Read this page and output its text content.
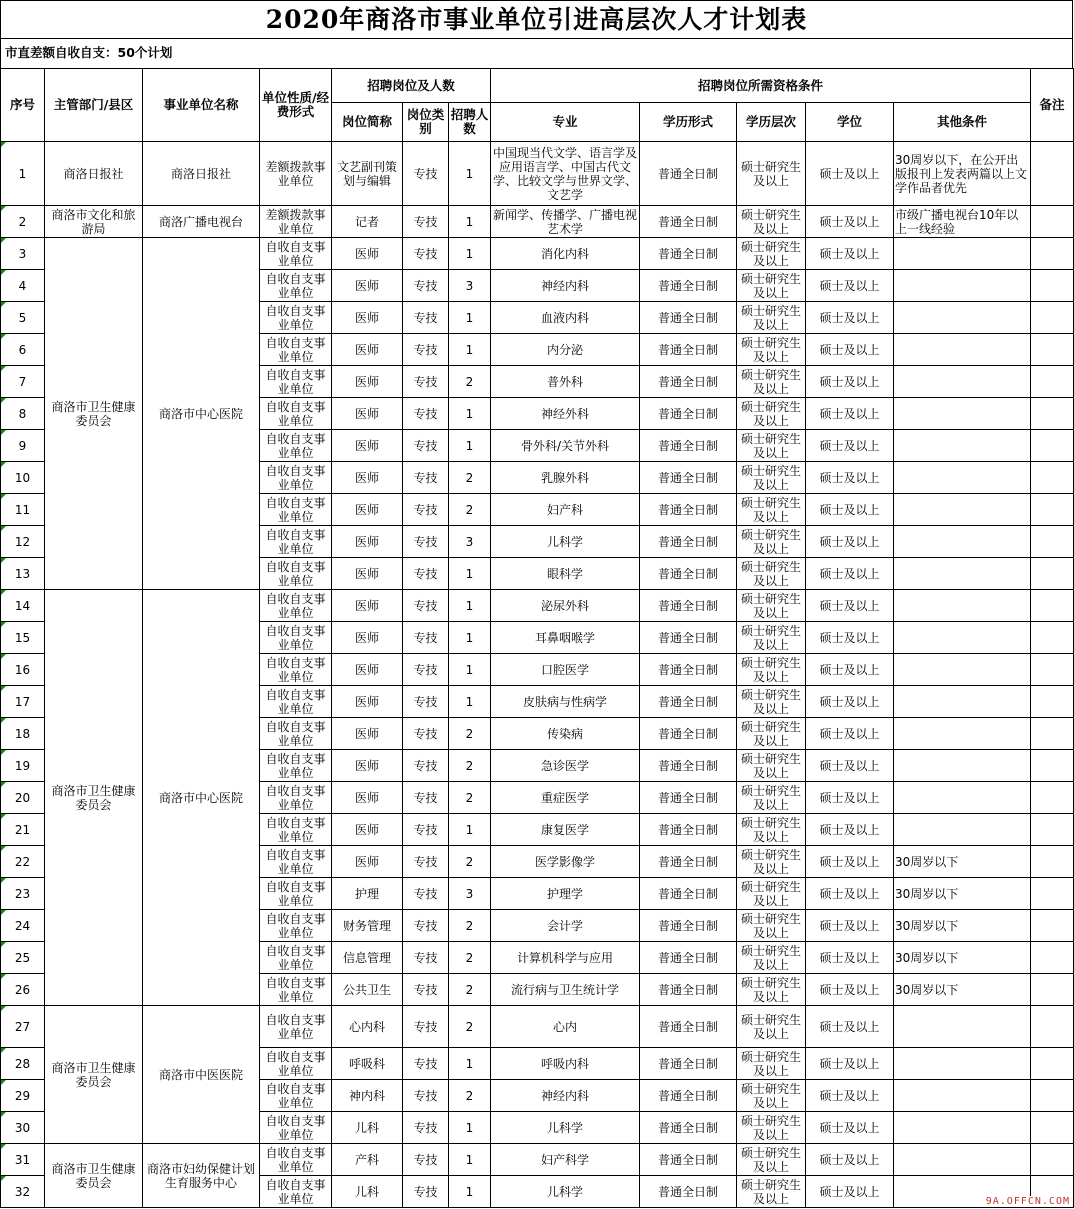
2020年商洛市事业单位引进高层次人才计划表
市直差额自收自支：50个计划
序号	主管部门/县区	事业单位名称	单位性质/经费形式	招聘岗位及人数			招聘岗位所需资格条件					备注
				岗位简称	岗位类别	招聘人数	专业	学历形式	学历层次	学位	其他条件	
1	商洛日报社	商洛日报社	差额拨款事业单位	文艺副刊策划与编辑	专技	1	中国现当代文学、语言学及应用语言学、中国古代文学、比较文学与世界文学、文艺学	普通全日制	硕士研究生及以上	硕士及以上	30周岁以下，在公开出版报刊上发表两篇以上文学作品者优先	
2	商洛市文化和旅游局	商洛广播电视台	差额拨款事业单位	记者	专技	1	新闻学、传播学、广播电视艺术学	普通全日制	硕士研究生及以上	硕士及以上	市级广播电视台10年以上一线经验	
3	商洛市卫生健康委员会	商洛市中心医院	自收自支事业单位	医师	专技	1	消化内科	普通全日制	硕士研究生及以上	硕士及以上		
4			自收自支事业单位	医师	专技	3	神经内科	普通全日制	硕士研究生及以上	硕士及以上		
5			自收自支事业单位	医师	专技	1	血液内科	普通全日制	硕士研究生及以上	硕士及以上		
6			自收自支事业单位	医师	专技	1	内分泌	普通全日制	硕士研究生及以上	硕士及以上		
7			自收自支事业单位	医师	专技	2	普外科	普通全日制	硕士研究生及以上	硕士及以上		
8			自收自支事业单位	医师	专技	1	神经外科	普通全日制	硕士研究生及以上	硕士及以上		
9			自收自支事业单位	医师	专技	1	骨外科/关节外科	普通全日制	硕士研究生及以上	硕士及以上		
10			自收自支事业单位	医师	专技	2	乳腺外科	普通全日制	硕士研究生及以上	硕士及以上		
11			自收自支事业单位	医师	专技	2	妇产科	普通全日制	硕士研究生及以上	硕士及以上		
12			自收自支事业单位	医师	专技	3	儿科学	普通全日制	硕士研究生及以上	硕士及以上		
13			自收自支事业单位	医师	专技	1	眼科学	普通全日制	硕士研究生及以上	硕士及以上		
14	商洛市卫生健康委员会	商洛市中心医院	自收自支事业单位	医师	专技	1	泌尿外科	普通全日制	硕士研究生及以上	硕士及以上		
15			自收自支事业单位	医师	专技	1	耳鼻咽喉学	普通全日制	硕士研究生及以上	硕士及以上		
16			自收自支事业单位	医师	专技	1	口腔医学	普通全日制	硕士研究生及以上	硕士及以上		
17			自收自支事业单位	医师	专技	1	皮肤病与性病学	普通全日制	硕士研究生及以上	硕士及以上		
18			自收自支事业单位	医师	专技	2	传染病	普通全日制	硕士研究生及以上	硕士及以上		
19			自收自支事业单位	医师	专技	2	急诊医学	普通全日制	硕士研究生及以上	硕士及以上		
20			自收自支事业单位	医师	专技	2	重症医学	普通全日制	硕士研究生及以上	硕士及以上		
21			自收自支事业单位	医师	专技	1	康复医学	普通全日制	硕士研究生及以上	硕士及以上		
22			自收自支事业单位	医师	专技	2	医学影像学	普通全日制	硕士研究生及以上	硕士及以上	30周岁以下	
23			自收自支事业单位	护理	专技	3	护理学	普通全日制	硕士研究生及以上	硕士及以上	30周岁以下	
24			自收自支事业单位	财务管理	专技	2	会计学	普通全日制	硕士研究生及以上	硕士及以上	30周岁以下	
25			自收自支事业单位	信息管理	专技	2	计算机科学与应用	普通全日制	硕士研究生及以上	硕士及以上	30周岁以下	
26			自收自支事业单位	公共卫生	专技	2	流行病与卫生统计学	普通全日制	硕士研究生及以上	硕士及以上	30周岁以下	
27	商洛市卫生健康委员会	商洛市中医医院	自收自支事业单位	心内科	专技	2	心内	普通全日制	硕士研究生及以上	硕士及以上		
28			自收自支事业单位	呼吸科	专技	1	呼吸内科	普通全日制	硕士研究生及以上	硕士及以上		
29			自收自支事业单位	神内科	专技	2	神经内科	普通全日制	硕士研究生及以上	硕士及以上		
30			自收自支事业单位	儿科	专技	1	儿科学	普通全日制	硕士研究生及以上	硕士及以上		
31	商洛市卫生健康委员会	商洛市妇幼保健计划生育服务中心	自收自支事业单位	产科	专技	1	妇产科学	普通全日制	硕士研究生及以上	硕士及以上		
32			自收自支事业单位	儿科	专技	1	儿科学	普通全日制	硕士研究生及以上	硕士及以上		
9A.OFFCN.COM
